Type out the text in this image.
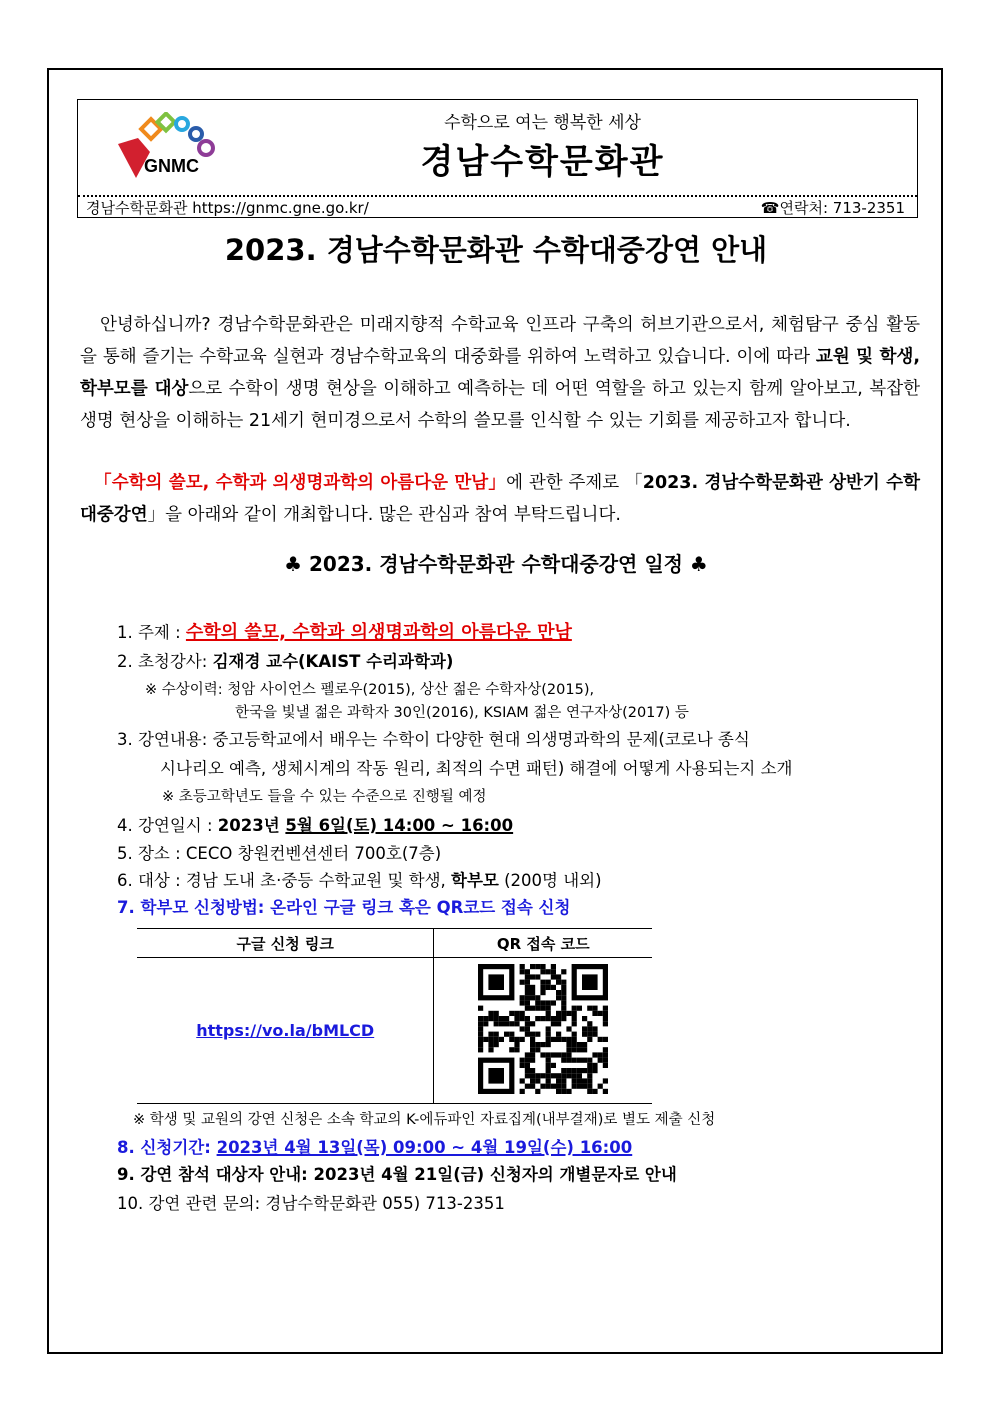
GNMC
수학으로 여는 행복한 세상
경남수학문화관
경남수학문화관 https://gnmc.gne.go.kr/	☎연락처: 713-2351
2023. 경남수학문화관 수학대중강연 안내
안녕하십니까? 경남수학문화관은 미래지향적 수학교육 인프라 구축의 허브기관으로서, 체험탐구 중심 활동을 통해 즐기는 수학교육 실현과 경남수학교육의 대중화를 위하여 노력하고 있습니다. 이에 따라 교원 및 학생, 학부모를 대상으로 수학이 생명 현상을 이해하고 예측하는 데 어떤 역할을 하고 있는지 함께 알아보고, 복잡한 생명 현상을 이해하는 21세기 현미경으로서 수학의 쓸모를 인식할 수 있는 기회를 제공하고자 합니다.
「수학의 쓸모, 수학과 의생명과학의 아름다운 만남」에 관한 주제로 「2023. 경남수학문화관 상반기 수학대중강연」을 아래와 같이 개최합니다. 많은 관심과 참여 부탁드립니다.
♣ 2023. 경남수학문화관 수학대중강연 일정 ♣
1. 주제 : 수학의 쓸모, 수학과 의생명과학의 아름다운 만남
2. 초청강사: 김재경 교수(KAIST 수리과학과)
※ 수상이력: 청암 사이언스 펠로우(2015), 상산 젊은 수학자상(2015),
한국을 빛낼 젊은 과학자 30인(2016), KSIAM 젊은 연구자상(2017) 등
3. 강연내용: 중고등학교에서 배우는 수학이 다양한 현대 의생명과학의 문제(코로나 종식
시나리오 예측, 생체시계의 작동 원리, 최적의 수면 패턴) 해결에 어떻게 사용되는지 소개
※ 초등고학년도 들을 수 있는 수준으로 진행될 예정
4. 강연일시 : 2023년 5월 6일(토) 14:00 ~ 16:00
5. 장소 : CECO 창원컨벤션센터 700호(7층)
6. 대상 : 경남 도내 초·중등 수학교원 및 학생, 학부모 (200명 내외)
7. 학부모 신청방법: 온라인 구글 링크 혹은 QR코드 접속 신청
구글 신청 링크	QR 접속 코드
https://vo.la/bMLCD	
※ 학생 및 교원의 강연 신청은 소속 학교의 K-에듀파인 자료집계(내부결재)로 별도 제출 신청
8. 신청기간: 2023년 4월 13일(목) 09:00 ~ 4월 19일(수) 16:00
9. 강연 참석 대상자 안내: 2023년 4월 21일(금) 신청자의 개별문자로 안내
10. 강연 관련 문의: 경남수학문화관 055) 713-2351
